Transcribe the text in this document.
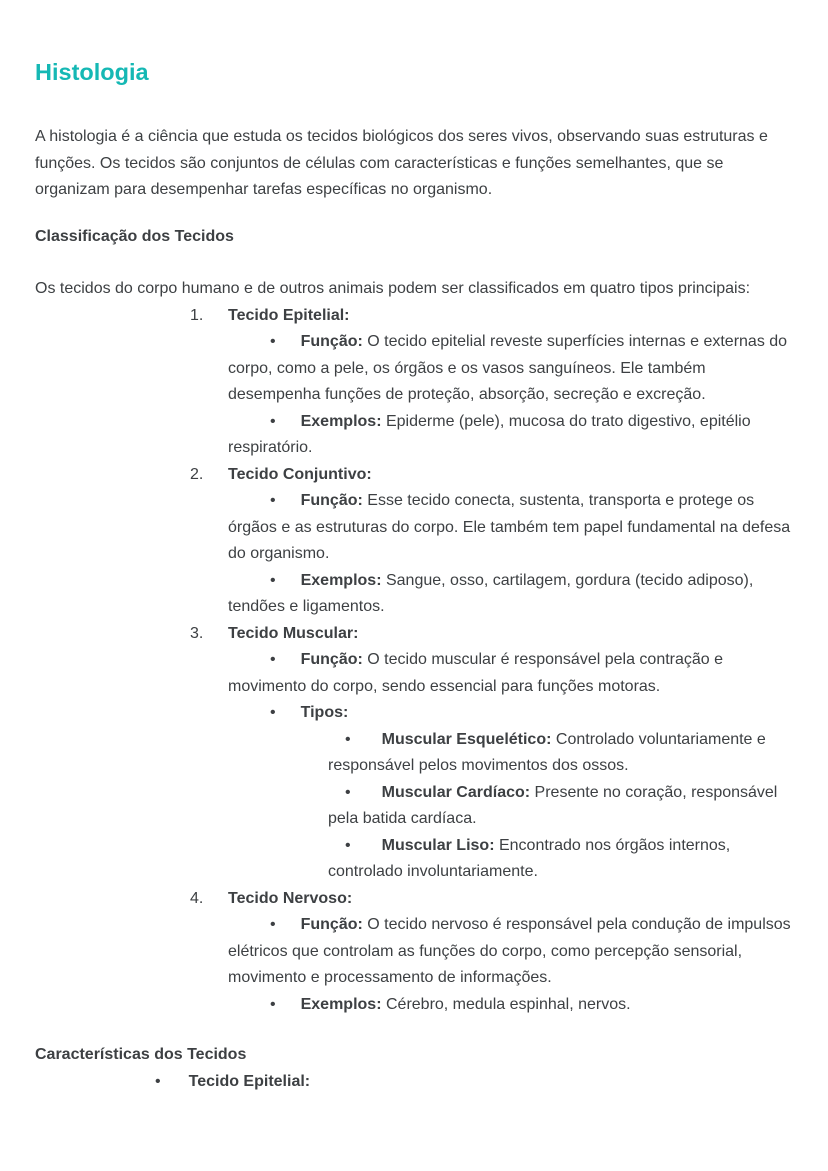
Histologia

A histologia é a ciência que estuda os tecidos biológicos dos seres vivos, observando suas estruturas e funções. Os tecidos são conjuntos de células com características e funções semelhantes, que se organizam para desempenhar tarefas específicas no organismo.

Classificação dos Tecidos

Os tecidos do corpo humano e de outros animais podem ser classificados em quatro tipos principais:

1.	Tecido Epitelial:
• Função: O tecido epitelial reveste superfícies internas e externas do corpo, como a pele, os órgãos e os vasos sanguíneos. Ele também desempenha funções de proteção, absorção, secreção e excreção.
• Exemplos: Epiderme (pele), mucosa do trato digestivo, epitélio respiratório.
2.	Tecido Conjuntivo:
• Função: Esse tecido conecta, sustenta, transporta e protege os órgãos e as estruturas do corpo. Ele também tem papel fundamental na defesa do organismo.
• Exemplos: Sangue, osso, cartilagem, gordura (tecido adiposo), tendões e ligamentos.
3.	Tecido Muscular:
• Função: O tecido muscular é responsável pela contração e movimento do corpo, sendo essencial para funções motoras.
• Tipos:
• Muscular Esquelético: Controlado voluntariamente e responsável pelos movimentos dos ossos.
• Muscular Cardíaco: Presente no coração, responsável pela batida cardíaca.
• Muscular Liso: Encontrado nos órgãos internos, controlado involuntariamente.
4.	Tecido Nervoso:
• Função: O tecido nervoso é responsável pela condução de impulsos elétricos que controlam as funções do corpo, como percepção sensorial, movimento e processamento de informações.
• Exemplos: Cérebro, medula espinhal, nervos.
Características dos Tecidos
• Tecido Epitelial:
